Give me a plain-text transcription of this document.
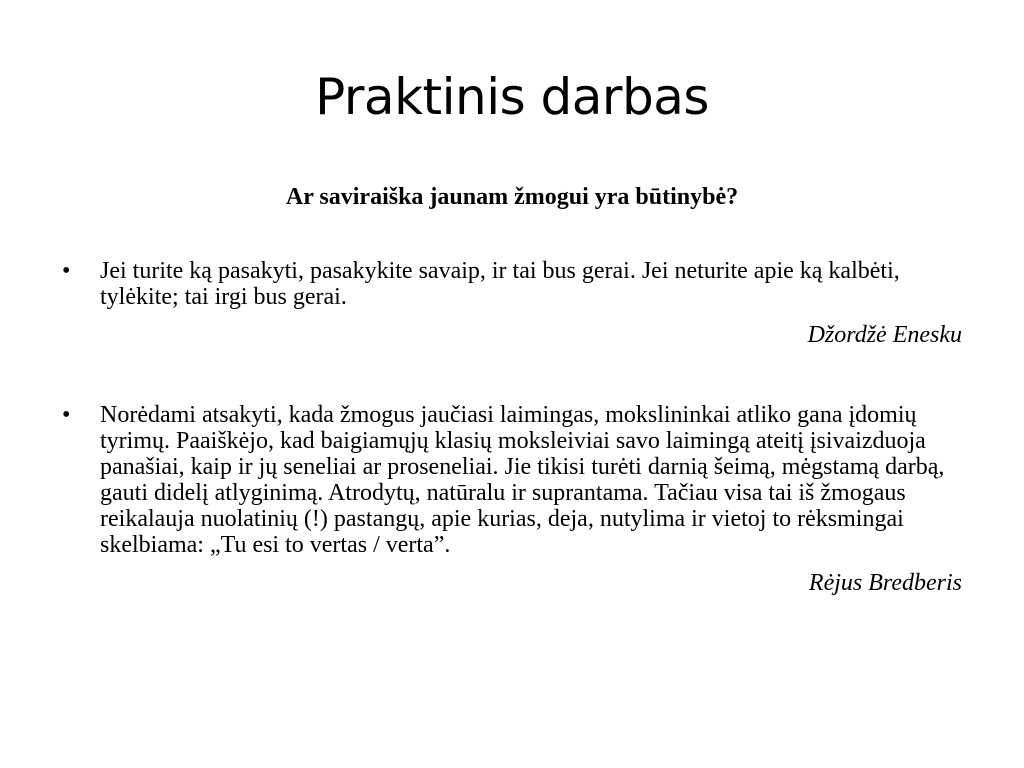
Praktinis darbas
Ar saviraiška jaunam žmogui yra būtinybė?
•	Jei turite ką pasakyti, pasakykite savaip, ir tai bus gerai. Jei neturite apie ką kalbėti, tylėkite; tai irgi bus gerai.

Džordžė Enesku

•	Norėdami atsakyti, kada žmogus jaučiasi laimingas, mokslininkai atliko gana įdomių tyrimų. Paaiškėjo, kad baigiamųjų klasių moksleiviai savo laimingą ateitį įsivaizduoja panašiai, kaip ir jų seneliai ar proseneliai. Jie tikisi turėti darnią šeimą, mėgstamą darbą, gauti didelį atlyginimą. Atrodytų, natūralu ir suprantama. Tačiau visa tai iš žmogaus reikalauja nuolatinių (!) pastangų, apie kurias, deja, nutylima ir vietoj to rėksmingai skelbiama: „Tu esi to vertas / verta”.

Rėjus Bredberis
